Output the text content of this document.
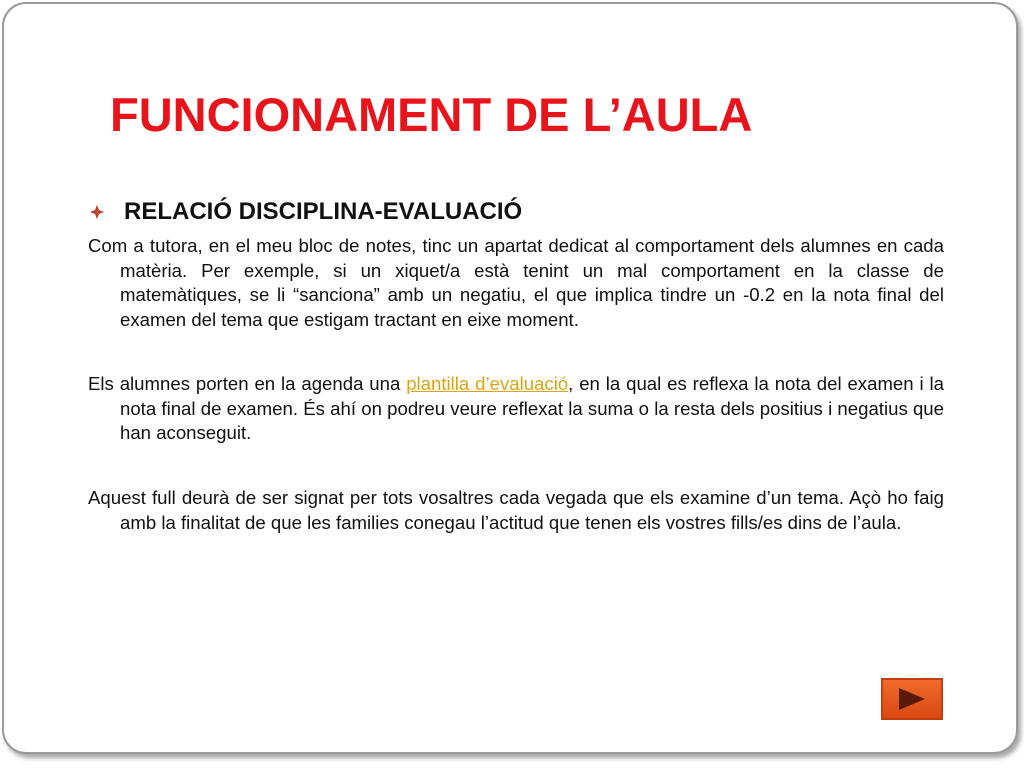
FUNCIONAMENT DE L’AULA
RELACIÓ DISCIPLINA-EVALUACIÓ

Com a tutora, en el meu bloc de notes, tinc un apartat dedicat al comportament dels alumnes en cada matèria. Per exemple, si un xiquet/a està tenint un mal comportament en la classe de matemàtiques, se li “sanciona” amb un negatiu, el que implica tindre un -0.2 en la nota final del examen del tema que estigam tractant en eixe moment.

Els alumnes porten en la agenda una plantilla d’evaluació, en la qual es reflexa la nota del examen i la nota final de examen. És ahí on podreu veure reflexat la suma o la resta dels positius i negatius que han aconseguit.

Aquest full deurà de ser signat per tots vosaltres cada vegada que els examine d’un tema. Açò ho faig amb la finalitat de que les families conegau l’actitud que tenen els vostres fills/es dins de l’aula.
